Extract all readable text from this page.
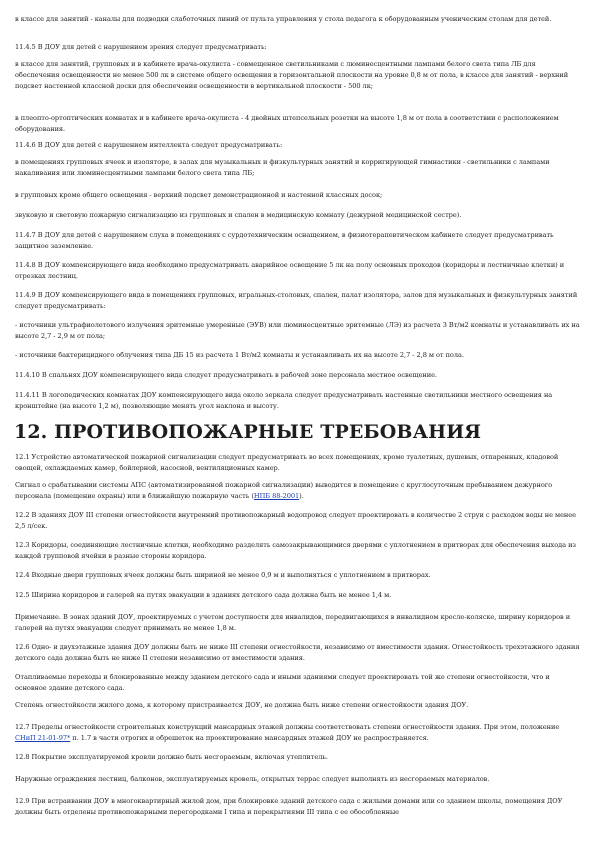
в классе для занятий - каналы для подводки слаботочных линий от пульта управления у стола педагога к оборудованным ученическим столам для детей.

11.4.5 В ДОУ для детей с нарушением зрения следует предусматривать:

в классе для занятий, групповых и в кабинете врача-окулиста - совмещенное светильниками с люминесцентными лампами белого света типа ЛБ для обеспечения освещенности не менее 500 лк в системе общего освещения в горизонтальной плоскости на уровне 0,8 м от пола, в классе для занятий - верхний подсвет настенной классной доски для обеспечения освещенности в вертикальной плоскости - 500 лк;

в плеопто-ортоптических комнатах и в кабинете врача-окулиста - 4 двойных штепсельных розетки на высоте 1,8 м от пола в соответствии с расположением оборудования.

11.4.6 В ДОУ для детей с нарушением интеллекта следует предусматривать:

в помещениях групповых ячеек и изоляторе, в залах для музыкальных и физкультурных занятий и корригирующей гимнастики - светильники с лампами накаливания или люминесцентными лампами белого света типа ЛБ;

в групповых кроме общего освещения - верхний подсвет демонстрационной и настенной классных досок;

звуковую и световую пожарную сигнализацию из групповых и спален в медицинскую комнату (дежурной медицинской сестре).

11.4.7 В ДОУ для детей с нарушением слуха в помещениях с сурдотехническим оснащением, в физиотерапевтическом кабинете следует предусматривать защитное заземление.

11.4.8 В ДОУ компенсирующего вида необходимо предусматривать аварийное освещение 5 лк на полу основных проходов (коридоры и лестничные клетки) и отрезках лестниц.

11.4.9 В ДОУ компенсирующего вида в помещениях групповых, игральных-столовых, спален, палат изолятора, залов для музыкальных и физкультурных занятий следует предусматривать:

- источники ультрафиолетового излучения эритемные умеренные (ЭУВ) или люминесцентные эритемные (ЛЭ) из расчета 3 Вт/м2 комнаты и устанавливать их на высоте 2,7 - 2,9 м от пола;

- источники бактерицидного облучения типа ДБ 15 из расчета 1 Вт/м2 комнаты и устанавливать их на высоте 2,7 - 2,8 м от пола.

11.4.10 В спальнях ДОУ компенсирующего вида следует предусматривать в рабочей зоне персонала местное освещение.

11.4.11 В логопедических комнатах ДОУ компенсирующего вида около зеркала следует предусматривать настенные светильники местного освещения на кронштейне (на высоте 1,2 м), позволяющие менять угол наклона и высоту.

12. ПРОТИВОПОЖАРНЫЕ ТРЕБОВАНИЯ

12.1 Устройство автоматической пожарной сигнализации следует предусматривать во всех помещениях, кроме туалетных, душевых, отпаренных, кладовой овощей, охлаждаемых камер, бойлерной, насосной, вентиляционных камер.

Сигнал о срабатывании системы АПС (автоматизированной пожарной сигнализации) выводится в помещение с круглосуточным пребыванием дежурного персонала (помещение охраны) или в ближайшую пожарную часть (НПБ 88-2001).

12.2 В зданиях ДОУ III степени огнестойкости внутренний противопожарный водопровод следует проектировать в количестве 2 струи с расходом воды не менее 2,5 л/сек.

12.3 Коридоры, соединяющие лестничные клетки, необходимо разделять самозакрывающимися дверями с уплотнением в притворах для обеспечения выхода из каждой групповой ячейки в разные стороны коридора.

12.4 Входные двери групповых ячеек должны быть шириной не менее 0,9 м и выполняться с уплотнением в притворах.

12.5 Ширина коридоров и галерей на путях эвакуации в зданиях детского сада должна быть не менее 1,4 м.

Примечание. В зонах зданий ДОУ, проектируемых с учетом доступности для инвалидов, передвигающихся в инвалидном кресле-коляске, ширину коридоров и галерей на путях эвакуации следует принимать не менее 1,8 м.

12.6 Одно- и двухэтажные здания ДОУ должны быть не ниже III степени огнестойкости, независимо от вместимости здания. Огнестойкость трехэтажного здания детского сада должна быть не ниже II степени независимо от вместимости здания.

Отапливаемые переходы и блокированные между зданием детского сада и иными зданиями следует проектировать той же степени огнестойкости, что и основное здание детского сада.

Степень огнестойкости жилого дома, к которому пристраивается ДОУ, не должна быть ниже степени огнестойкости здания ДОУ.

12.7 Пределы огнестойкости строительных конструкций мансардных этажей должны соответствовать степени огнестойкости здания. При этом, положение СНиП 21-01-97* п. 1.7 в части отрогих и обрешеток на проектирование мансардных этажей ДОУ не распространяется.

12.8 Покрытие эксплуатируемой кровли должно быть несгораемым, включая утеплитель.

Наружные ограждения лестниц, балконов, эксплуатируемых кровель, открытых террас следует выполнять из несгораемых материалов.

12.9 При встраивании ДОУ в многоквартирный жилой дом, при блокировке зданий детского сада с жилыми домами или со зданием школы, помещения ДОУ должны быть отделены противопожарными перегородками I типа и перекрытиями III типа с ее обособленные
